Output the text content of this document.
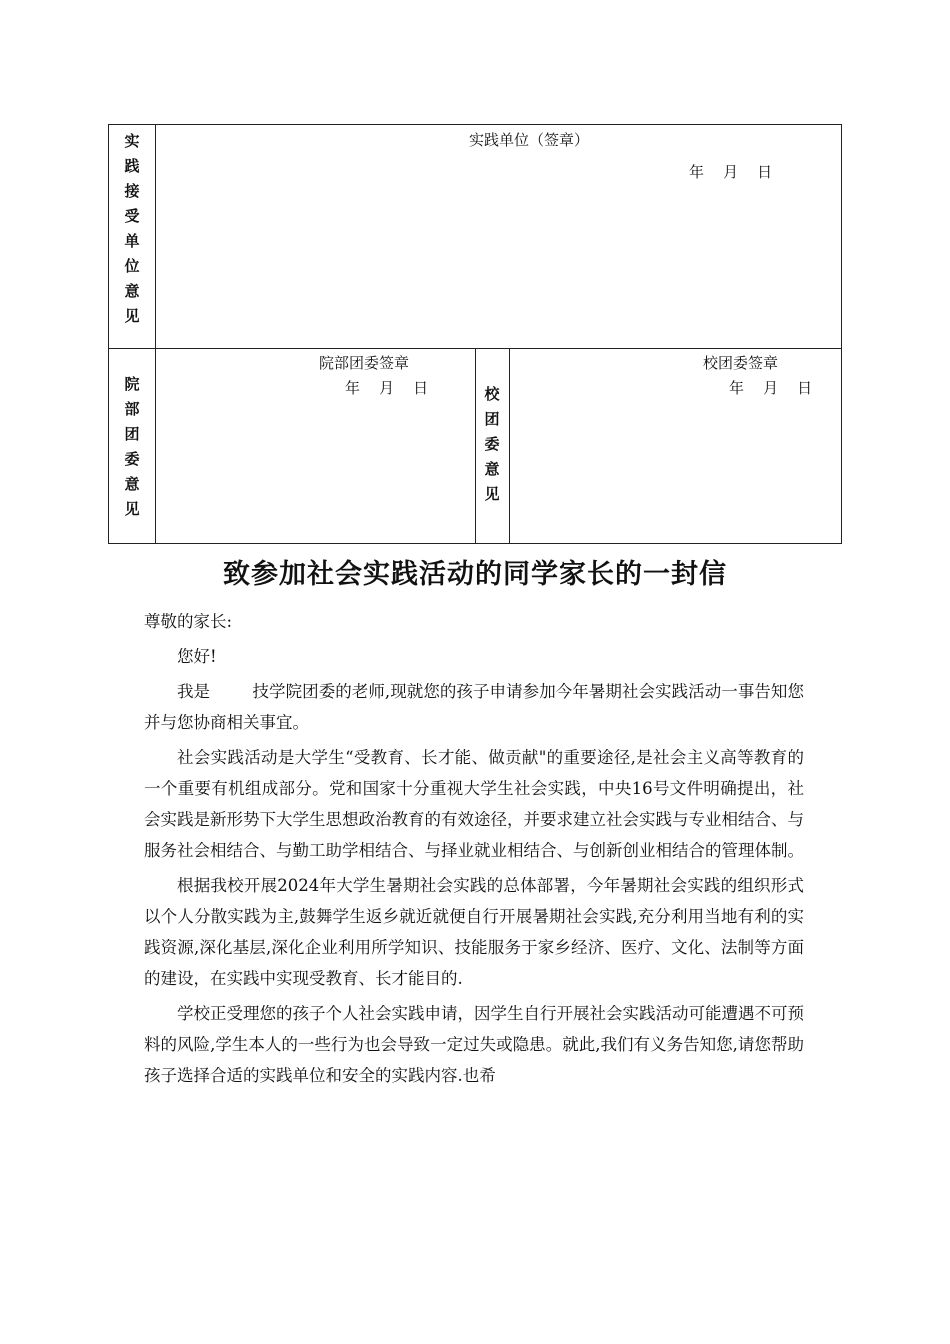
实
践
接
受
单
位
意
见
实践单位（签章）
年    月    日
院
部
团
委
意
见
院部团委签章
年    月    日	校
团
委
意
见
校团委签章
年    月    日
致参加社会实践活动的同学家长的一封信

尊敬的家长:

您好!

我是        技学院团委的老师,现就您的孩子申请参加今年暑期社会实践活动一事告知您并与您协商相关事宜。

社会实践活动是大学生“受教育、长才能、做贡献"的重要途径,是社会主义高等教育的一个重要有机组成部分。党和国家十分重视大学生社会实践，中央16号文件明确提出，社会实践是新形势下大学生思想政治教育的有效途径，并要求建立社会实践与专业相结合、与服务社会相结合、与勤工助学相结合、与择业就业相结合、与创新创业相结合的管理体制。

根据我校开展2024年大学生暑期社会实践的总体部署，今年暑期社会实践的组织形式以个人分散实践为主,鼓舞学生返乡就近就便自行开展暑期社会实践,充分利用当地有利的实践资源,深化基层,深化企业利用所学知识、技能服务于家乡经济、医疗、文化、法制等方面的建设，在实践中实现受教育、长才能目的.

学校正受理您的孩子个人社会实践申请，因学生自行开展社会实践活动可能遭遇不可预料的风险,学生本人的一些行为也会导致一定过失或隐患。就此,我们有义务告知您,请您帮助孩子选择合适的实践单位和安全的实践内容.也希
